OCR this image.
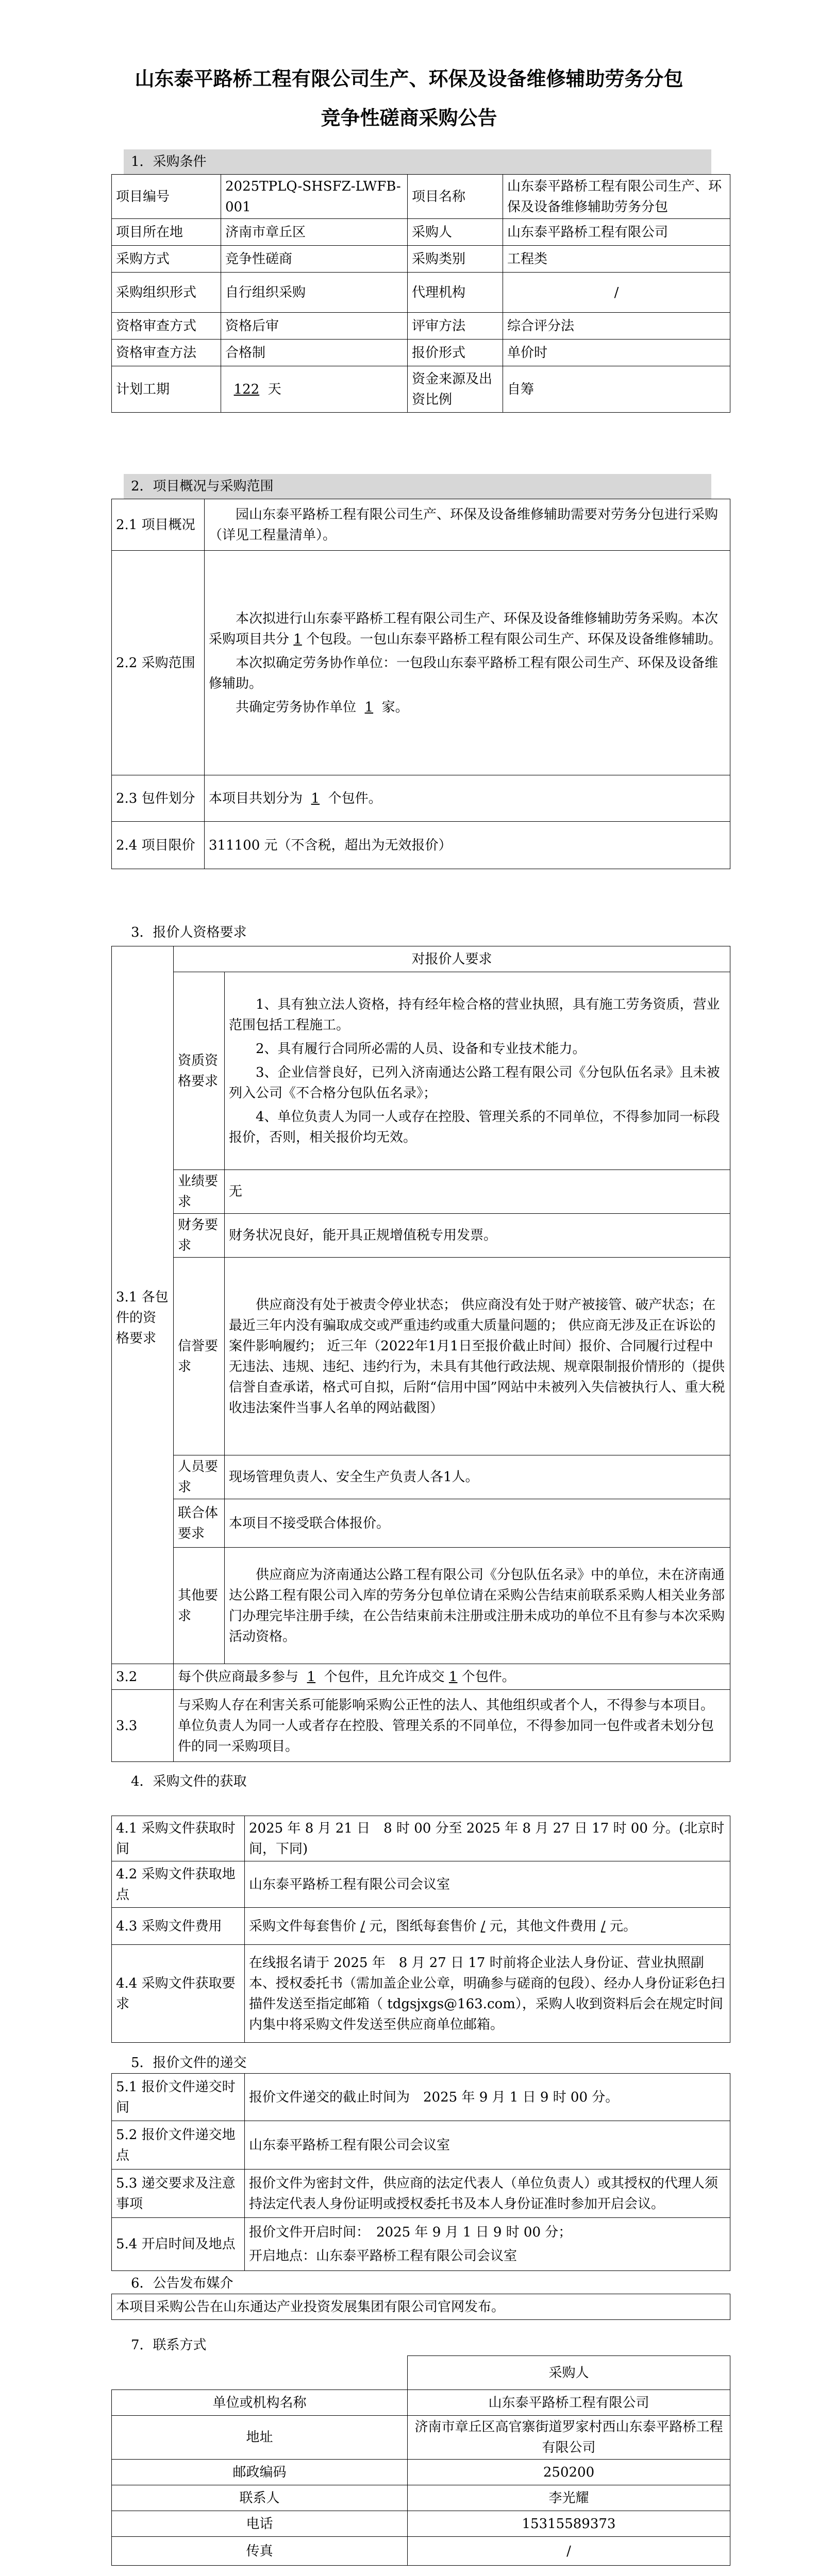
山东泰平路桥工程有限公司生产、环保及设备维修辅助劳务分包
竞争性磋商采购公告
1．采购条件
项目编号	2025TPLQ-SHSFZ-LWFB-001	项目名称	山东泰平路桥工程有限公司生产、环保及设备维修辅助劳务分包
项目所在地	济南市章丘区	采购人	山东泰平路桥工程有限公司
采购方式	竞争性磋商	采购类别	工程类
采购组织形式	自行组织采购	代理机构	/
资格审查方式	资格后审	评审方法	综合评分法
资格审查方法	合格制	报价形式	单价时
计划工期	122 天	资金来源及出资比例	自筹
2．项目概况与采购范围
2.1 项目概况	园山东泰平路桥工程有限公司生产、环保及设备维修辅助需要对劳务分包进行采购（详见工程量清单）。
2.2 采购范围	本次拟进行山东泰平路桥工程有限公司生产、环保及设备维修辅助劳务采购。本次采购项目共分 1 个包段。一包山东泰平路桥工程有限公司生产、环保及设备维修辅助。
本次拟确定劳务协作单位：一包段山东泰平路桥工程有限公司生产、环保及设备维修辅助。
共确定劳务协作单位 1 家。

2.3 包件划分	本项目共划分为 1 个包件。
2.4 项目限价	311100 元（不含税，超出为无效报价）
3．报价人资格要求
	对报价人要求	
3.1 各包件的资格要求	资质资格要求	1、具有独立法人资格，持有经年检合格的营业执照，具有施工劳务资质，营业范围包括工程施工。
2、具有履行合同所必需的人员、设备和专业技术能力。
3、企业信誉良好，已列入济南通达公路工程有限公司《分包队伍名录》且未被列入公司《不合格分包队伍名录》；
4、单位负责人为同一人或存在控股、管理关系的不同单位，不得参加同一标段报价，否则，相关报价均无效。

	业绩要求	无
	财务要求	财务状况良好，能开具正规增值税专用发票。
	信誉要求	供应商没有处于被责令停业状态； 供应商没有处于财产被接管、破产状态；在最近三年内没有骗取成交或严重违约或重大质量问题的； 供应商无涉及正在诉讼的案件影响履约； 近三年（2022年1月1日至报价截止时间）报价、合同履行过程中无违法、违规、违纪、违约行为，未具有其他行政法规、规章限制报价情形的（提供信誉自查承诺，格式可自拟，后附“信用中国”网站中未被列入失信被执行人、重大税收违法案件当事人名单的网站截图）
	人员要求	现场管理负责人、安全生产负责人各1人。
	联合体要求	本项目不接受联合体报价。
	其他要求	供应商应为济南通达公路工程有限公司《分包队伍名录》中的单位，未在济南通达公路工程有限公司入库的劳务分包单位请在采购公告结束前联系采购人相关业务部门办理完毕注册手续，在公告结束前未注册或注册未成功的单位不且有参与本次采购活动资格。
3.2	每个供应商最多参与 1 个包件，且允许成交 1 个包件。	
3.3	与采购人存在利害关系可能影响采购公正性的法人、其他组织或者个人，不得参与本项目。单位负责人为同一人或者存在控股、管理关系的不同单位，不得参加同一包件或者未划分包件的同一采购项目。	
4．采购文件的获取
4.1 采购文件获取时间	2025 年 8 月 21 日　8 时 00 分至 2025 年 8 月 27 日 17 时 00 分。(北京时间，下同)
4.2 采购文件获取地点	山东泰平路桥工程有限公司会议室
4.3 采购文件费用	采购文件每套售价 / 元，图纸每套售价 / 元，其他文件费用 / 元。
4.4 采购文件获取要求	在线报名请于 2025 年　8 月 27 日 17 时前将企业法人身份证、营业执照副本、授权委托书（需加盖企业公章，明确参与磋商的包段）、经办人身份证彩色扫描件发送至指定邮箱（ tdgsjxgs@163.com），采购人收到资料后会在规定时间内集中将采购文件发送至供应商单位邮箱。
5．报价文件的递交
5.1 报价文件递交时间	报价文件递交的截止时间为　2025 年 9 月 1 日 9 时 00 分。
5.2 报价文件递交地点	山东泰平路桥工程有限公司会议室
5.3 递交要求及注意事项	报价文件为密封文件，供应商的法定代表人（单位负责人）或其授权的代理人须持法定代表人身份证明或授权委托书及本人身份证准时参加开启会议。
5.4 开启时间及地点	报价文件开启时间：　2025 年 9 月 1 日 9 时 00 分；
开启地点：山东泰平路桥工程有限公司会议室
6．公告发布媒介
本项目采购公告在山东通达产业投资发展集团有限公司官网发布。
7．联系方式
	采购人
单位或机构名称	山东泰平路桥工程有限公司
地址	济南市章丘区高官寨街道罗家村西山东泰平路桥工程有限公司
邮政编码	250200
联系人	李光耀
电话	15315589373
传真	/
